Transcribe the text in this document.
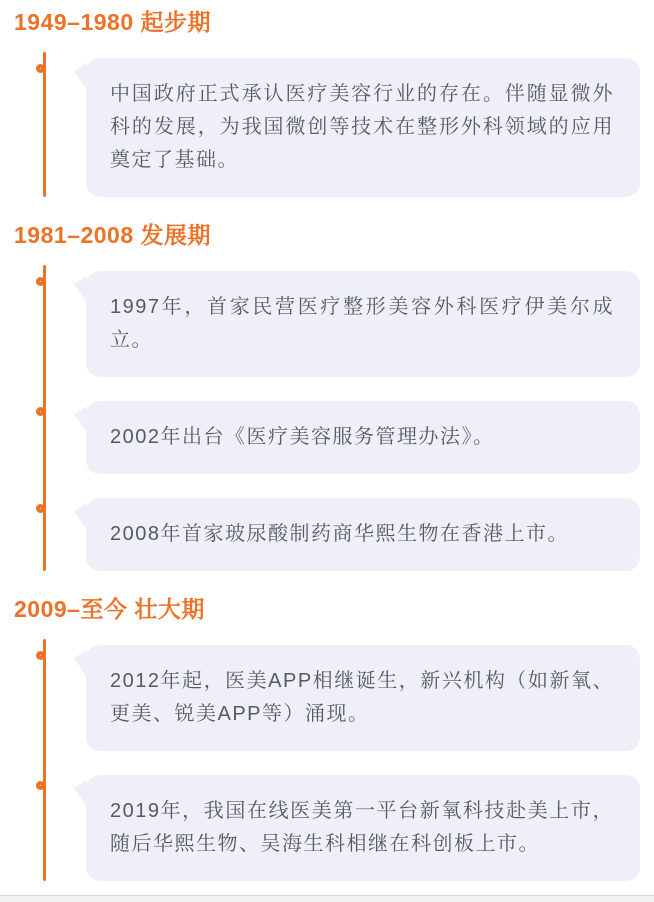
1949–1980 起步期

中国政府正式承认医疗美容行业的存在。伴随显微外科的发展，为我国微创等技术在整形外科领域的应用奠定了基础。

1981–2008 发展期

1997年，首家民营医疗整形美容外科医疗伊美尔成立。

2002年出台《医疗美容服务管理办法》。

2008年首家玻尿酸制药商华熙生物在香港上市。

2009–至今 壮大期

2012年起，医美APP相继诞生，新兴机构（如新氧、更美、锐美APP等）涌现。

2019年，我国在线医美第一平台新氧科技赴美上市，随后华熙生物、吴海生科相继在科创板上市。
